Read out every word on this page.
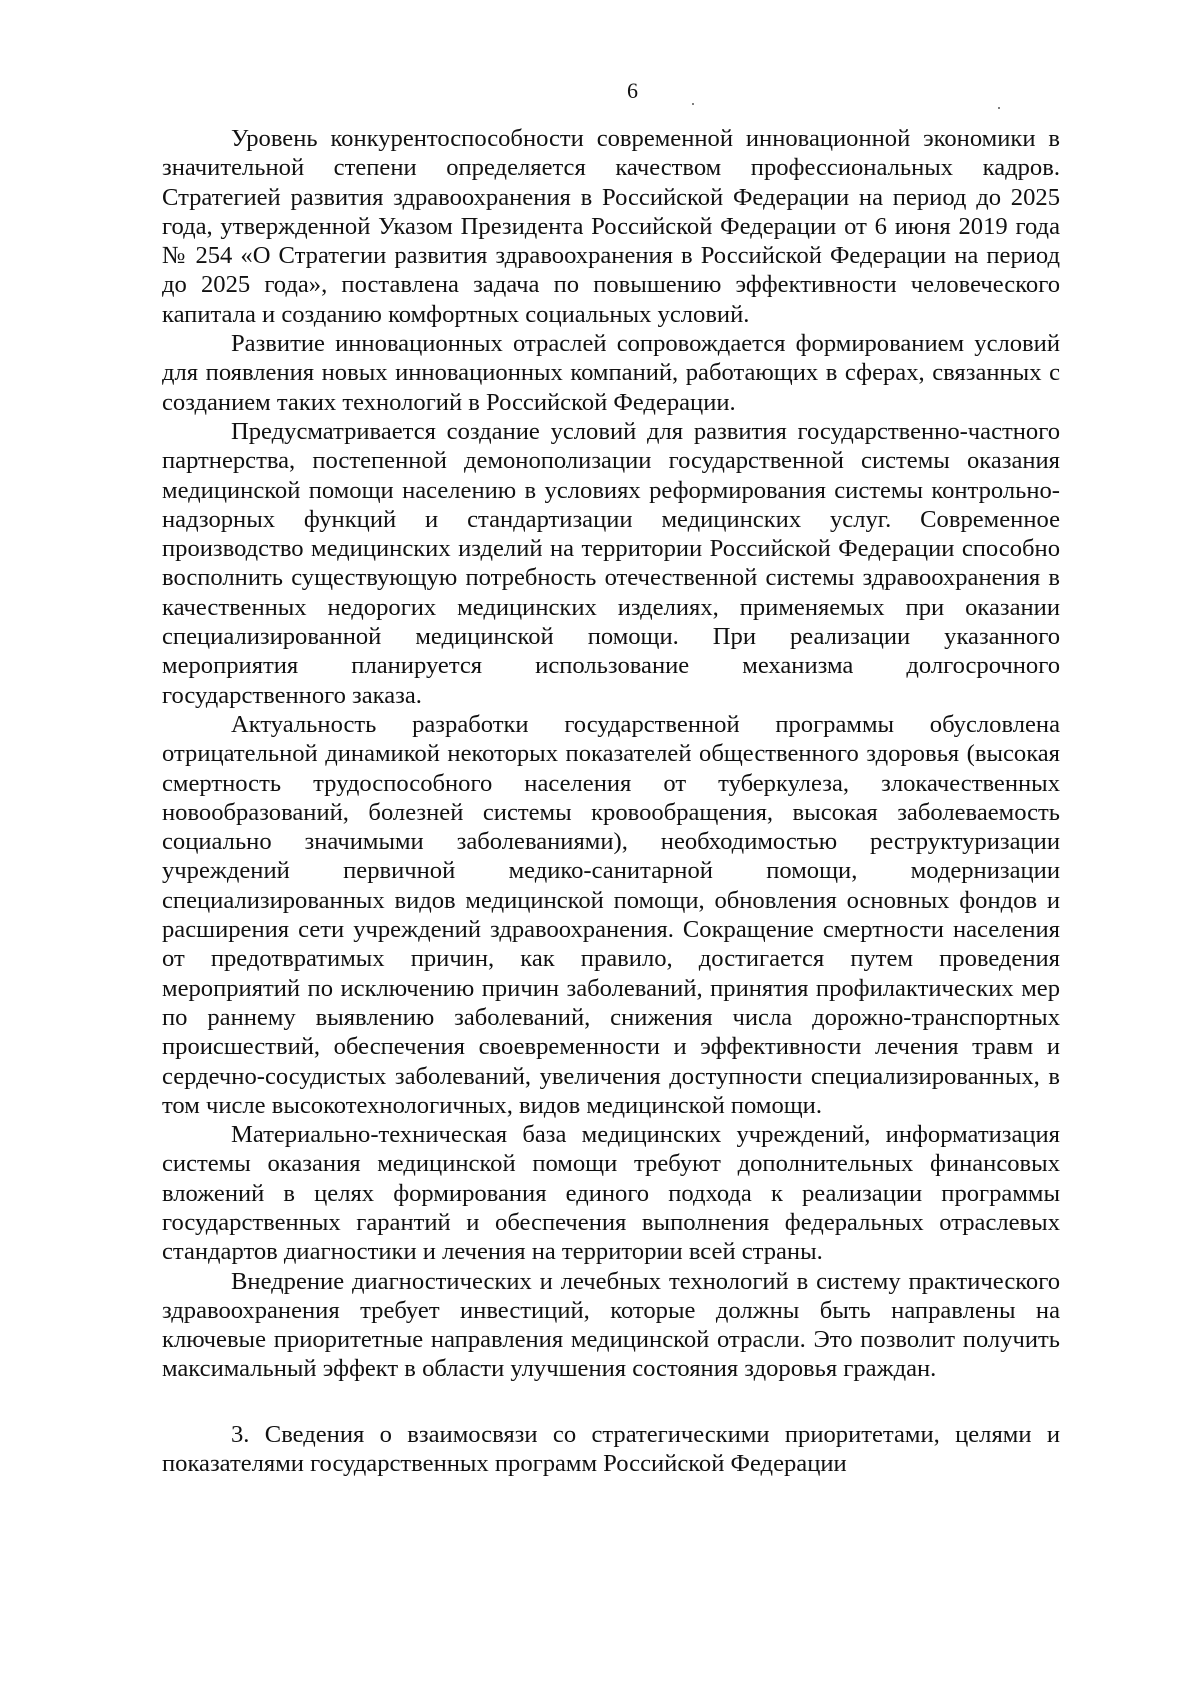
6

Уровень конкурентоспособности современной инновационной экономики в значительной степени определяется качеством профессиональных кадров. Стратегией развития здравоохранения в Российской Федерации на период до 2025 года, утвержденной Указом Президента Российской Федерации от 6 июня 2019 года № 254 «О Стратегии развития здравоохранения в Российской Федерации на период до 2025 года», поставлена задача по повышению эффективности человеческого капитала и созданию комфортных социальных условий.

Развитие инновационных отраслей сопровождается формированием условий для появления новых инновационных компаний, работающих в сферах, связанных с созданием таких технологий в Российской Федерации.

Предусматривается создание условий для развития государственно-частного партнерства, постепенной демонополизации государственной системы оказания медицинской помощи населению в условиях реформирования системы контрольно-надзорных функций и стандартизации медицинских услуг. Современное производство медицинских изделий на территории Российской Федерации способно восполнить существующую потребность отечественной системы здравоохранения в качественных недорогих медицинских изделиях, применяемых при оказании специализированной медицинской помощи. При реализации указанного мероприятия планируется использование механизма долгосрочного государственного заказа.

Актуальность разработки государственной программы обусловлена отрицательной динамикой некоторых показателей общественного здоровья (высокая смертность трудоспособного населения от туберкулеза, злокачественных новообразований, болезней системы кровообращения, высокая заболеваемость социально значимыми заболеваниями), необходимостью реструктуризации учреждений первичной медико-санитарной помощи, модернизации специализированных видов медицинской помощи, обновления основных фондов и расширения сети учреждений здравоохранения. Сокращение смертности населения от предотвратимых причин, как правило, достигается путем проведения мероприятий по исключению причин заболеваний, принятия профилактических мер по раннему выявлению заболеваний, снижения числа дорожно-транспортных происшествий, обеспечения своевременности и эффективности лечения травм и сердечно-сосудистых заболеваний, увеличения доступности специализированных, в том числе высокотехнологичных, видов медицинской помощи.

Материально-техническая база медицинских учреждений, информатизация системы оказания медицинской помощи требуют дополнительных финансовых вложений в целях формирования единого подхода к реализации программы государственных гарантий и обеспечения выполнения федеральных отраслевых стандартов диагностики и лечения на территории всей страны.

Внедрение диагностических и лечебных технологий в систему практического здравоохранения требует инвестиций, которые должны быть направлены на ключевые приоритетные направления медицинской отрасли. Это позволит получить максимальный эффект в области улучшения состояния здоровья граждан.

3. Сведения о взаимосвязи со стратегическими приоритетами, целями и показателями государственных программ Российской Федерации
